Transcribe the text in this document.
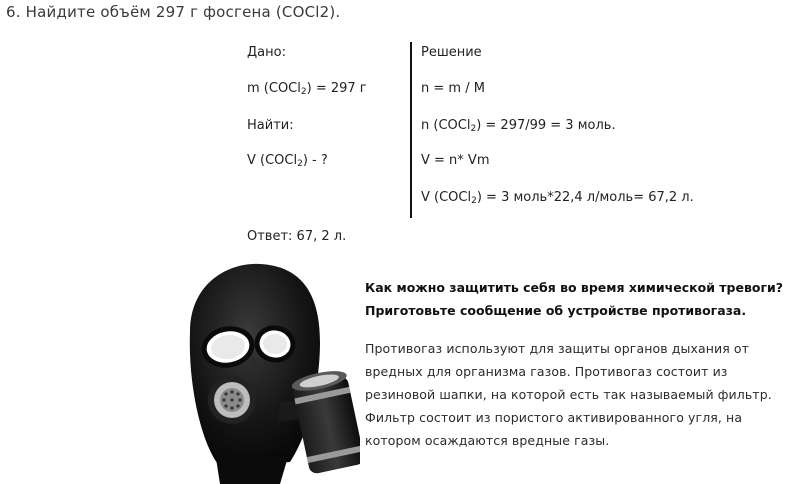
6. Найдите объём 297 г фосгена (COCl2).
Дано:
m (COCl$_2$) = 297 г
Найти:
V (COCl$_2$) - ?
Ответ: 67, 2 л.
Решение
n = m / M
n (COCl$_2$) = 297/99 = 3 моль.
V = n* Vm
V (COCl$_2$) = 3 моль*22,4 л/моль= 67,2 л.
Как можно защитить себя во время химической тревоги?
Приготовьте сообщение об устройстве противогаза.
Противогаз используют для защиты органов дыхания от
вредных для организма газов. Противогаз состоит из
резиновой шапки, на которой есть так называемый фильтр.
Фильтр состоит из пористого активированного угля, на
котором осаждаются вредные газы.
